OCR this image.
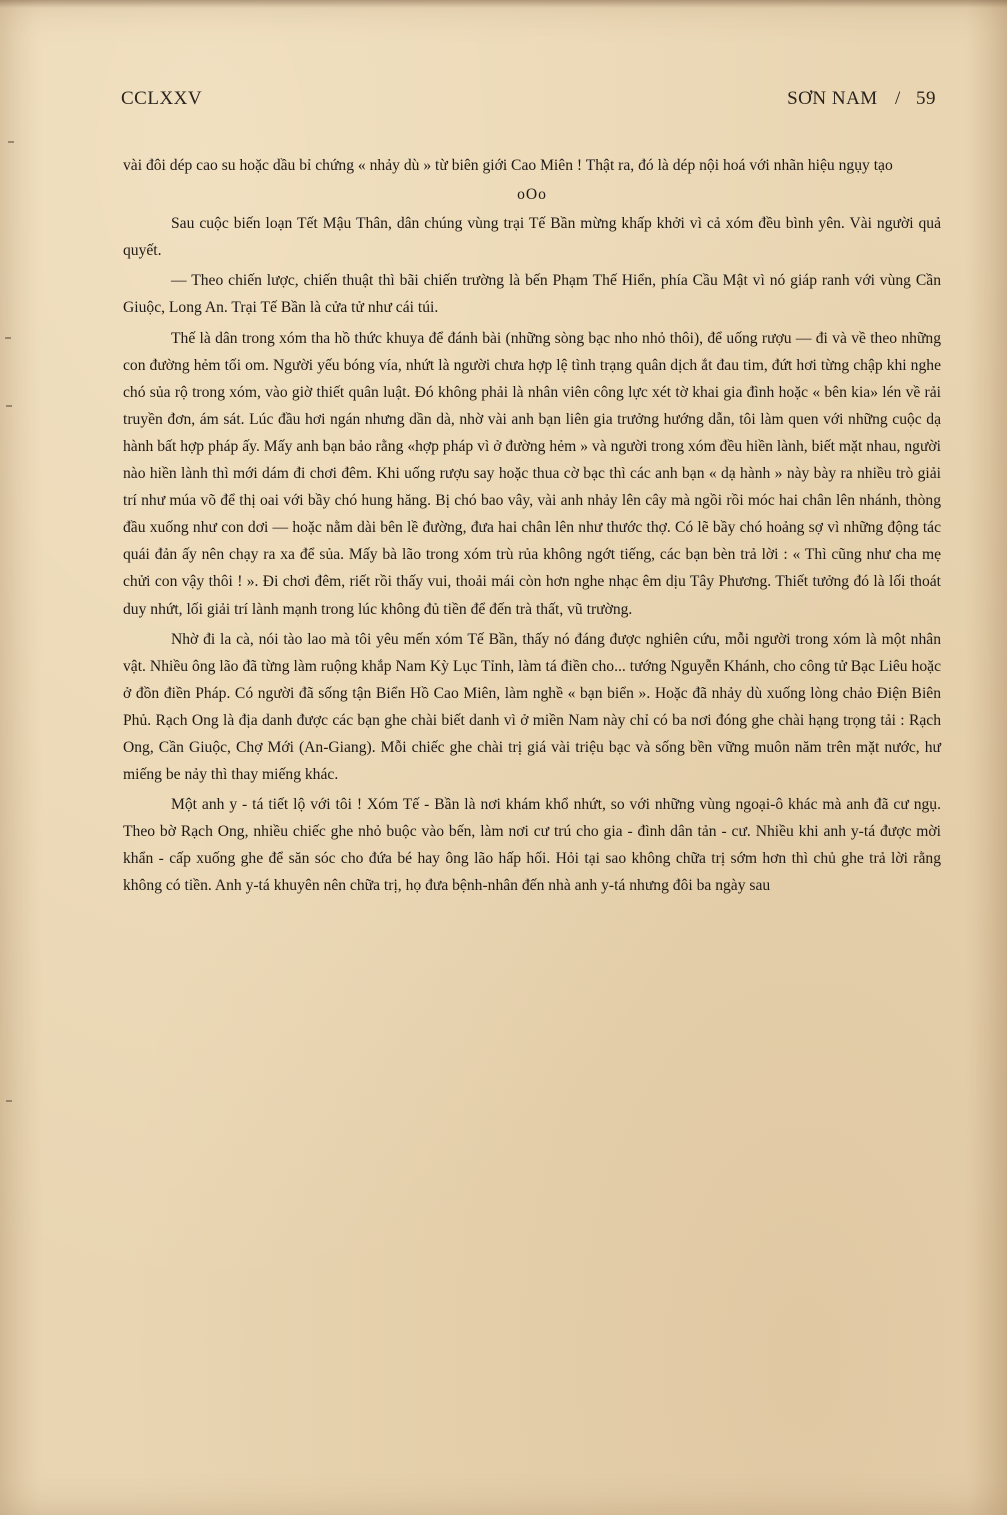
CCLXXV	SƠN NAM / 59

vài đôi dép cao su hoặc dầu bỉ chứng « nhảy dù » từ biên giới Cao Miên ! Thật ra, đó là dép nội hoá với nhãn hiệu ngụy tạo

oOo

Sau cuộc biến loạn Tết Mậu Thân, dân chúng vùng trại Tế Bần mừng khấp khởi vì cả xóm đều bình yên. Vài người quả quyết.

— Theo chiến lược, chiến thuật thì bãi chiến trường là bến Phạm Thế Hiển, phía Cầu Mật vì nó giáp ranh với vùng Cần Giuộc, Long An. Trại Tế Bần là cửa tử như cái túi.

Thế là dân trong xóm tha hồ thức khuya để đánh bài (những sòng bạc nho nhỏ thôi), để uống rượu — đi và về theo những con đường hẻm tối om. Người yếu bóng vía, nhứt là người chưa hợp lệ tình trạng quân dịch ắt đau tim, đứt hơi từng chập khi nghe chó sủa rộ trong xóm, vào giờ thiết quân luật. Đó không phải là nhân viên công lực xét tờ khai gia đình hoặc « bên kia» lén về rải truyền đơn, ám sát. Lúc đầu hơi ngán nhưng dần dà, nhờ vài anh bạn liên gia trưởng hướng dẫn, tôi làm quen với những cuộc dạ hành bất hợp pháp ấy. Mấy anh bạn bảo rằng «hợp pháp vì ở đường hẻm » và người trong xóm đều hiền lành, biết mặt nhau, người nào hiền lành thì mới dám đi chơi đêm. Khi uống rượu say hoặc thua cờ bạc thì các anh bạn « dạ hành » này bày ra nhiều trò giải trí như múa võ để thị oai với bầy chó hung hăng. Bị chó bao vây, vài anh nhảy lên cây mà ngồi rồi móc hai chân lên nhánh, thòng đầu xuống như con dơi — hoặc nằm dài bên lề đường, đưa hai chân lên như thước thợ. Có lẽ bầy chó hoảng sợ vì những động tác quái đản ấy nên chạy ra xa để sủa. Mấy bà lão trong xóm trù rủa không ngớt tiếng, các bạn bèn trả lời : « Thì cũng như cha mẹ chửi con vậy thôi ! ». Đi chơi đêm, riết rồi thấy vui, thoải mái còn hơn nghe nhạc êm dịu Tây Phương. Thiết tưởng đó là lối thoát duy nhứt, lối giải trí lành mạnh trong lúc không đủ tiền để đến trà thất, vũ trường.

Nhờ đi la cà, nói tào lao mà tôi yêu mến xóm Tế Bần, thấy nó đáng được nghiên cứu, mỗi người trong xóm là một nhân vật. Nhiều ông lão đã từng làm ruộng khắp Nam Kỳ Lục Tỉnh, làm tá điền cho... tướng Nguyễn Khánh, cho công tử Bạc Liêu hoặc ở đồn điền Pháp. Có người đã sống tận Biển Hồ Cao Miên, làm nghề « bạn biển ». Hoặc đã nhảy dù xuống lòng chảo Điện Biên Phủ. Rạch Ong là địa danh được các bạn ghe chài biết danh vì ở miền Nam này chỉ có ba nơi đóng ghe chài hạng trọng tải : Rạch Ong, Cần Giuộc, Chợ Mới (An-Giang). Mỗi chiếc ghe chài trị giá vài triệu bạc và sống bền vững muôn năm trên mặt nước, hư miếng be nảy thì thay miếng khác.

Một anh y - tá tiết lộ với tôi ! Xóm Tế - Bần là nơi khám khổ nhứt, so với những vùng ngoại-ô khác mà anh đã cư ngụ. Theo bờ Rạch Ong, nhiều chiếc ghe nhỏ buộc vào bến, làm nơi cư trú cho gia - đình dân tản - cư. Nhiều khi anh y-tá được mời khẩn - cấp xuống ghe để săn sóc cho đứa bé hay ông lão hấp hối. Hỏi tại sao không chữa trị sớm hơn thì chủ ghe trả lời rằng không có tiền. Anh y-tá khuyên nên chữa trị, họ đưa bệnh-nhân đến nhà anh y-tá nhưng đôi ba ngày sau
